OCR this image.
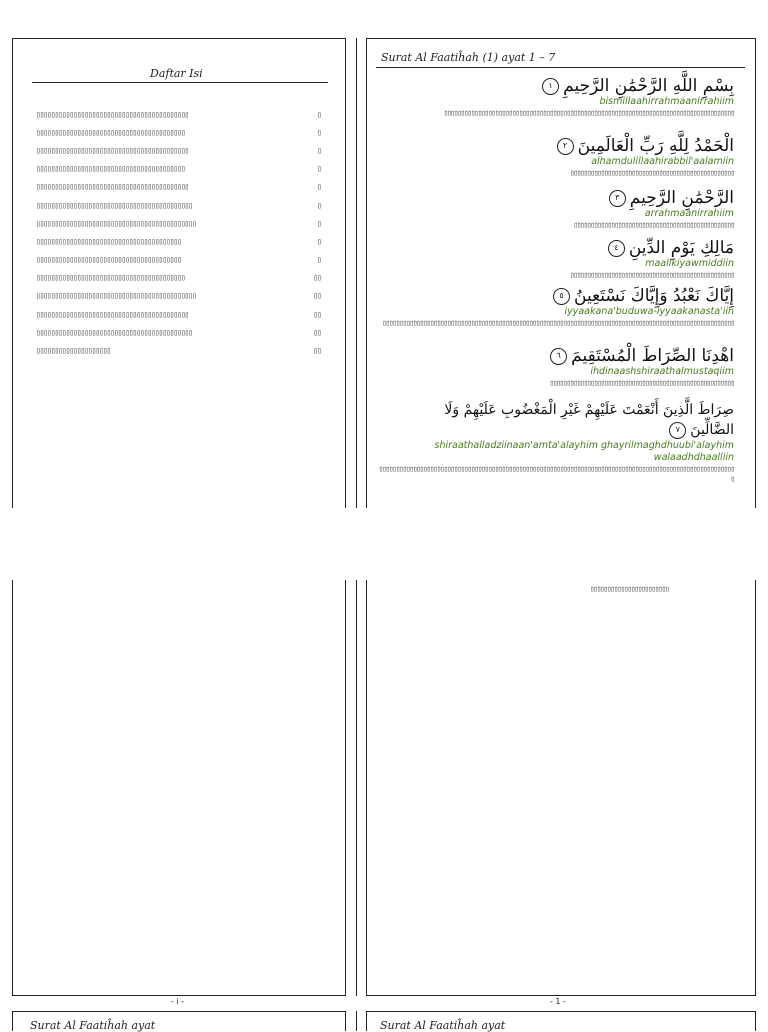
Daftar Isi
▯▯▯▯▯▯▯▯▯▯▯▯▯▯▯▯▯▯▯▯▯▯▯▯▯▯▯▯▯▯▯▯▯▯▯▯▯▯▯▯▯	▯
▯▯▯▯▯▯▯▯▯▯▯▯▯▯▯▯▯▯▯▯▯▯▯▯▯▯▯▯▯▯▯▯▯▯▯▯▯▯▯▯	▯
▯▯▯▯▯▯▯▯▯▯▯▯▯▯▯▯▯▯▯▯▯▯▯▯▯▯▯▯▯▯▯▯▯▯▯▯▯▯▯▯▯	▯
▯▯▯▯▯▯▯▯▯▯▯▯▯▯▯▯▯▯▯▯▯▯▯▯▯▯▯▯▯▯▯▯▯▯▯▯▯▯▯▯	▯
▯▯▯▯▯▯▯▯▯▯▯▯▯▯▯▯▯▯▯▯▯▯▯▯▯▯▯▯▯▯▯▯▯▯▯▯▯▯▯▯▯	▯
▯▯▯▯▯▯▯▯▯▯▯▯▯▯▯▯▯▯▯▯▯▯▯▯▯▯▯▯▯▯▯▯▯▯▯▯▯▯▯▯▯▯	▯
▯▯▯▯▯▯▯▯▯▯▯▯▯▯▯▯▯▯▯▯▯▯▯▯▯▯▯▯▯▯▯▯▯▯▯▯▯▯▯▯▯▯▯	▯
▯▯▯▯▯▯▯▯▯▯▯▯▯▯▯▯▯▯▯▯▯▯▯▯▯▯▯▯▯▯▯▯▯▯▯▯▯▯▯	▯
▯▯▯▯▯▯▯▯▯▯▯▯▯▯▯▯▯▯▯▯▯▯▯▯▯▯▯▯▯▯▯▯▯▯▯▯▯▯▯	▯
▯▯▯▯▯▯▯▯▯▯▯▯▯▯▯▯▯▯▯▯▯▯▯▯▯▯▯▯▯▯▯▯▯▯▯▯▯▯▯▯	▯▯
▯▯▯▯▯▯▯▯▯▯▯▯▯▯▯▯▯▯▯▯▯▯▯▯▯▯▯▯▯▯▯▯▯▯▯▯▯▯▯▯▯▯▯	▯▯
▯▯▯▯▯▯▯▯▯▯▯▯▯▯▯▯▯▯▯▯▯▯▯▯▯▯▯▯▯▯▯▯▯▯▯▯▯▯▯▯▯	▯▯
▯▯▯▯▯▯▯▯▯▯▯▯▯▯▯▯▯▯▯▯▯▯▯▯▯▯▯▯▯▯▯▯▯▯▯▯▯▯▯▯▯▯	▯▯
▯▯▯▯▯▯▯▯▯▯▯▯▯▯▯▯▯▯▯▯	▯▯
Surat Al Faatiĥah (1) ayat 1 – 7
بِسْمِ اللَّهِ الرَّحْمَٰنِ الرَّحِيمِ١
bismillaahirrahmaanirrahiim
▯▯▯▯▯▯▯▯▯▯▯▯▯▯▯▯▯▯▯▯▯▯▯▯▯▯▯▯▯▯▯▯▯▯▯▯▯▯▯▯▯▯▯▯▯▯▯▯▯▯▯▯▯▯▯▯▯▯▯▯▯▯▯▯▯▯▯▯▯▯▯▯▯▯▯▯▯▯▯▯▯▯▯▯▯
الْحَمْدُ لِلَّهِ رَبِّ الْعَالَمِينَ٢
alhamdulillaahirabbil'aalamiin
▯▯▯▯▯▯▯▯▯▯▯▯▯▯▯▯▯▯▯▯▯▯▯▯▯▯▯▯▯▯▯▯▯▯▯▯▯▯▯▯▯▯▯▯▯▯▯▯
الرَّحْمَٰنِ الرَّحِيمِ٣
arrahmaanirrahiim
▯▯▯▯▯▯▯▯▯▯▯▯▯▯▯▯▯▯▯▯▯▯▯▯▯▯▯▯▯▯▯▯▯▯▯▯▯▯▯▯▯▯▯▯▯▯▯
مَالِكِ يَوْمِ الدِّينِ٤
maalikiyawmiddiin
▯▯▯▯▯▯▯▯▯▯▯▯▯▯▯▯▯▯▯▯▯▯▯▯▯▯▯▯▯▯▯▯▯▯▯▯▯▯▯▯▯▯▯▯▯▯▯▯
إِيَّاكَ نَعْبُدُ وَإِيَّاكَ نَسْتَعِينُ٥
iyyaakana'buduwa-iyyaakanasta'iin
▯▯▯▯▯▯▯▯▯▯▯▯▯▯▯▯▯▯▯▯▯▯▯▯▯▯▯▯▯▯▯▯▯▯▯▯▯▯▯▯▯▯▯▯▯▯▯▯▯▯▯▯▯▯▯▯▯▯▯▯▯▯▯▯▯▯▯▯▯▯▯▯▯▯▯▯▯▯▯▯▯▯▯▯▯▯▯▯▯▯▯▯▯▯▯▯▯▯▯▯▯▯▯
اهْدِنَا الصِّرَاطَ الْمُسْتَقِيمَ٦
ihdinaashshiraathalmustaqiim
▯▯▯▯▯▯▯▯▯▯▯▯▯▯▯▯▯▯▯▯▯▯▯▯▯▯▯▯▯▯▯▯▯▯▯▯▯▯▯▯▯▯▯▯▯▯▯▯▯▯▯▯▯▯
صِرَاطَ الَّذِينَ أَنْعَمْتَ عَلَيْهِمْ غَيْرِ الْمَغْضُوبِ عَلَيْهِمْ وَلَا
الضَّالِّينَ٧
shiraathalladziinaan'amta'alayhim ghayrilmaghdhuubi'alayhim walaadhdhaalliin
▯▯▯▯▯▯▯▯▯▯▯▯▯▯▯▯▯▯▯▯▯▯▯▯▯▯▯▯▯▯▯▯▯▯▯▯▯▯▯▯▯▯▯▯▯▯▯▯▯▯▯▯▯▯▯▯▯▯▯▯▯▯▯▯▯▯▯▯▯▯▯▯▯▯▯▯▯▯▯▯▯▯▯▯▯▯▯▯▯▯▯▯▯▯▯▯▯▯▯▯▯▯▯▯▯
▯▯▯▯▯▯▯▯▯▯▯▯▯▯▯▯▯▯▯▯▯▯▯
- i -	- 1 -
Surat Al Faatiĥah ayat	Surat Al Faatiĥah ayat
